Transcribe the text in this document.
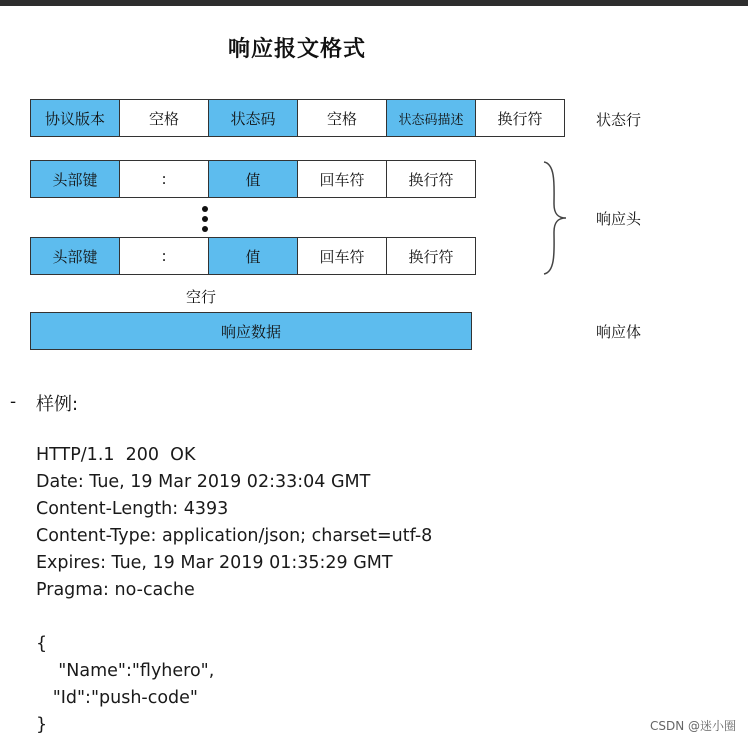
响应报文格式
协议版本	空格	状态码	空格	状态码描述	换行符	状态行
头部键	:	值	回车符	换行符
头部键	:	值	回车符	换行符
响应头
空行
响应数据	响应体
- 样例:
HTTP/1.1  200  OK
Date: Tue, 19 Mar 2019 02:33:04 GMT
Content-Length: 4393
Content-Type: application/json; charset=utf-8
Expires: Tue, 19 Mar 2019 01:35:29 GMT
Pragma: no-cache
{
"Name":"flyhero",
"Id":"push-code"
}	CSDN @迷小圈
